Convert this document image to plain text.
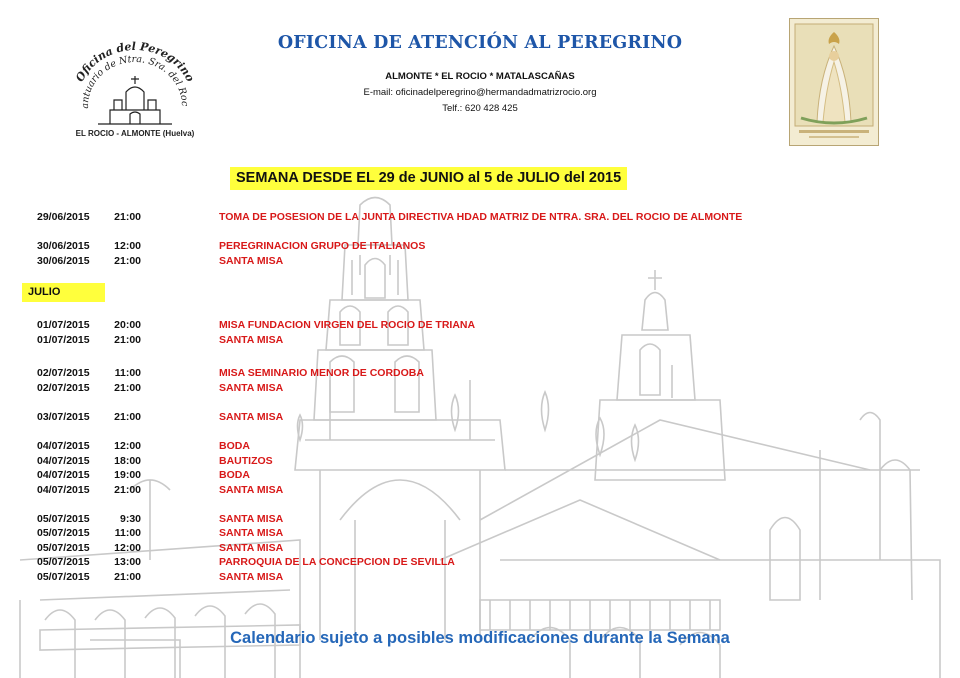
Oficina del Peregrino
antuario de Ntra. Sra. del Roc
EL ROCIO - ALMONTE (Huelva)
OFICINA DE ATENCIÓN AL PEREGRINO
ALMONTE * EL ROCIO * MATALASCAÑAS
E-mail: oficinadelperegrino@hermandadmatrizrocio.org
Telf.: 620 428 425
SEMANA DESDE EL 29 de JUNIO al 5 de JULIO del 2015
JULIO
29/06/2015	21:00	TOMA DE POSESION DE LA JUNTA DIRECTIVA HDAD MATRIZ DE NTRA. SRA. DEL ROCIO DE ALMONTE
30/06/2015	12:00	PEREGRINACION GRUPO DE ITALIANOS
30/06/2015	21:00	SANTA MISA
01/07/2015	20:00	MISA FUNDACION VIRGEN DEL ROCIO DE TRIANA
01/07/2015	21:00	SANTA MISA
02/07/2015	11:00	MISA SEMINARIO MENOR DE CORDOBA
02/07/2015	21:00	SANTA MISA
03/07/2015	21:00	SANTA MISA
04/07/2015	12:00	BODA
04/07/2015	18:00	BAUTIZOS
04/07/2015	19:00	BODA
04/07/2015	21:00	SANTA MISA
05/07/2015	9:30	SANTA MISA
05/07/2015	11:00	SANTA MISA
05/07/2015	12:00	SANTA MISA
05/07/2015	13:00	PARROQUIA DE LA CONCEPCION DE SEVILLA
05/07/2015	21:00	SANTA MISA
Calendario sujeto a posibles modificaciones durante la Semana
